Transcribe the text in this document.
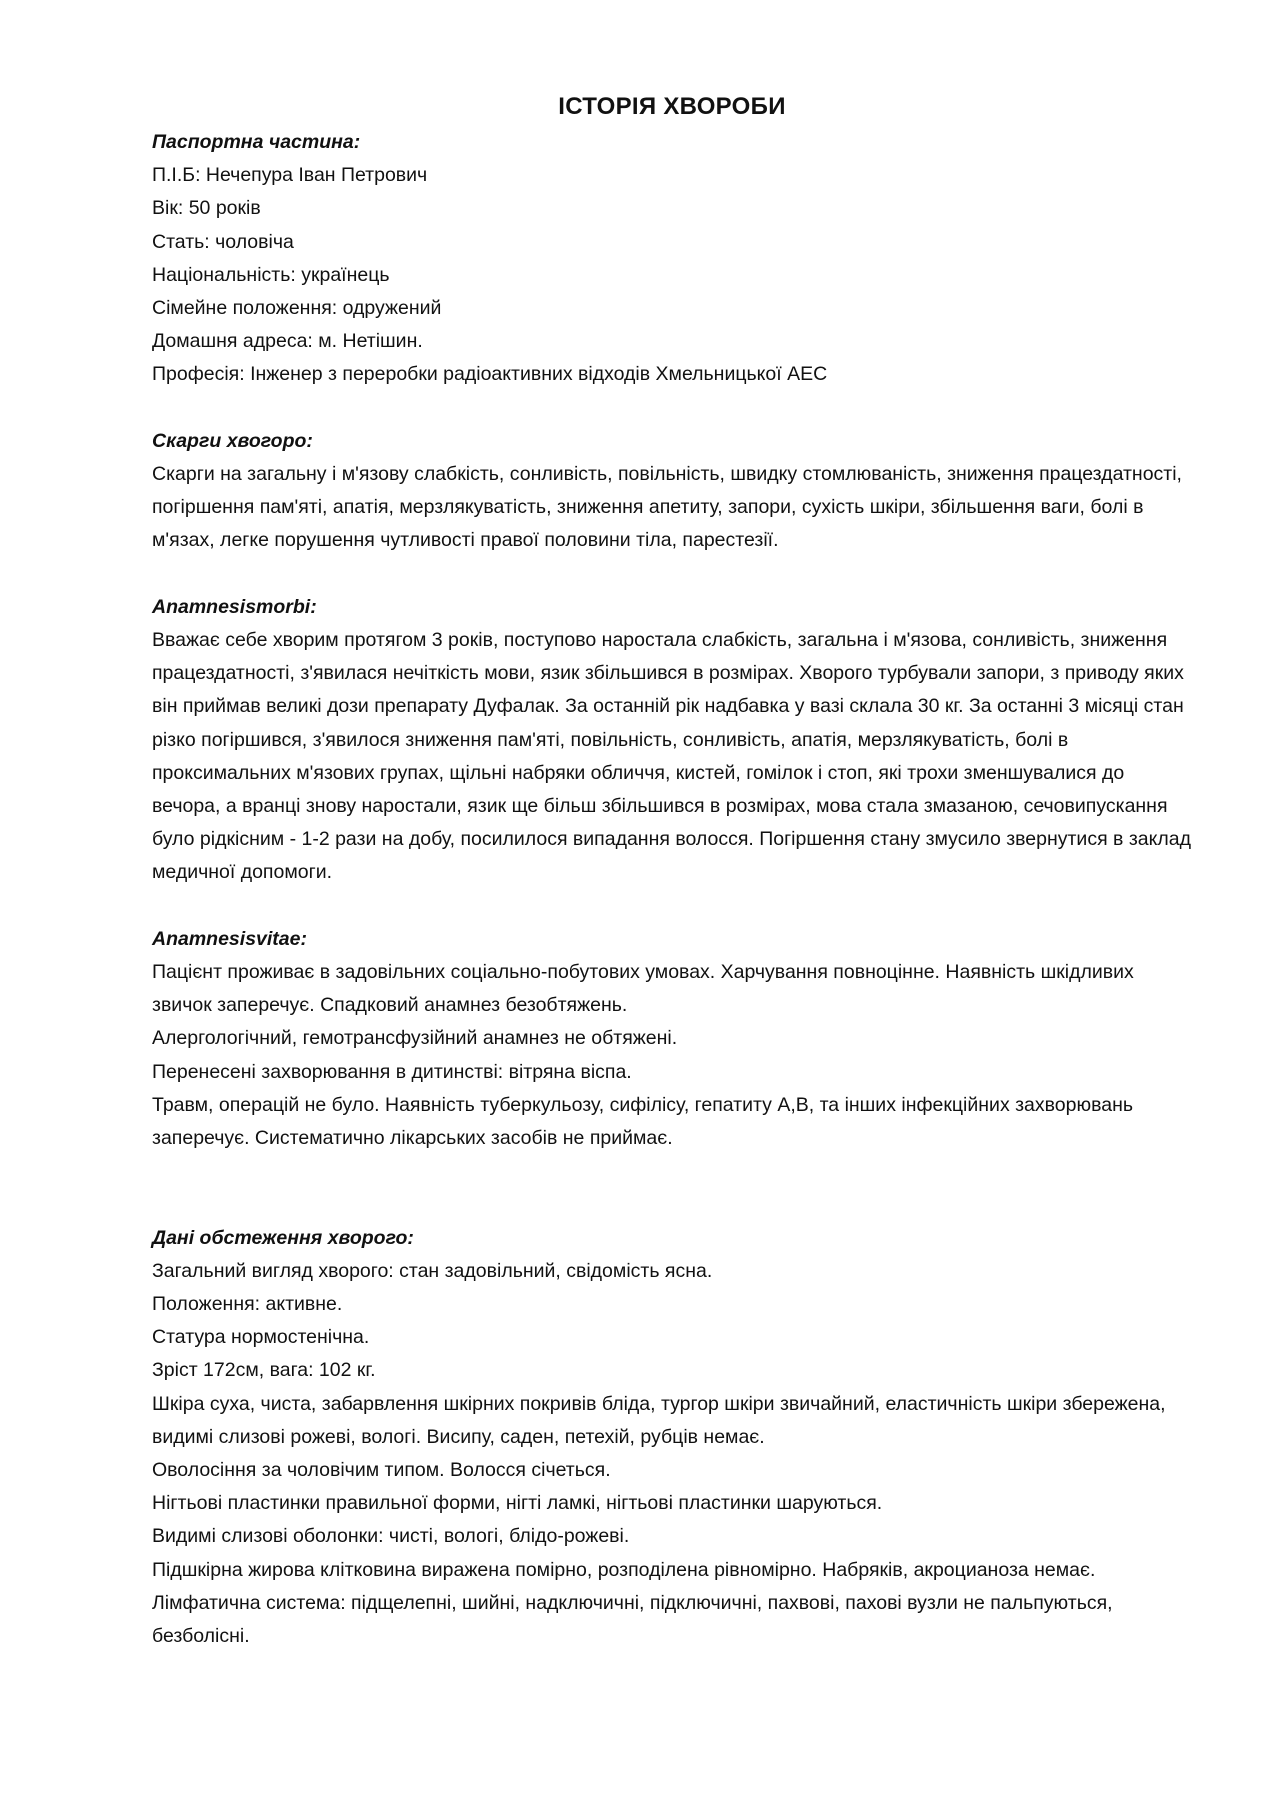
ІСТОРІЯ ХВОРОБИ

Паспортна частина:

П.І.Б: Нечепура Іван Петрович

Вік: 50 років

Стать: чоловіча

Національність: українець

Сімейне положення: одружений

Домашня адреса: м. Нетішин.

Професія: Інженер з переробки радіоактивних відходів Хмельницької АЕС

Скарги хвогоро:

Скарги на загальну і м'язову слабкість, сонливість, повільність, швидку стомлюваність, зниження працездатності, погіршення пам'яті, апатія, мерзлякуватість, зниження апетиту, запори, сухість шкіри, збільшення ваги, болі в м'язах, легке порушення чутливості правої половини тіла, парестезії.

Anamnesismorbi:

Вважає себе хворим протягом 3 років, поступово наростала слабкість, загальна і м'язова, сонливість, зниження працездатності, з'явилася нечіткість мови, язик збільшився в розмірах. Хворого турбували запори, з приводу яких він приймав великі дози препарату Дуфалак. За останній рік надбавка у вазі склала 30 кг. За останні 3 місяці стан різко погіршився, з'явилося зниження пам'яті, повільність, сонливість, апатія, мерзлякуватість, болі в проксимальних м'язових групах, щільні набряки обличчя, кистей, гомілок і стоп, які трохи зменшувалися до вечора, а вранці знову наростали, язик ще більш збільшився в розмірах, мова стала змазаною, сечовипускання було рідкісним - 1-2 рази на добу, посилилося випадання волосся. Погіршення стану змусило звернутися в заклад медичної допомоги.

Anamnesisvitae:

Пацієнт проживає в задовільних соціально-побутових умовах. Харчування повноцінне. Наявність шкідливих звичок заперечує. Спадковий анамнез безобтяжень.

Алергологічний, гемотрансфузійний анамнез не обтяжені.

Перенесені захворювання в дитинстві: вітряна віспа.

Травм, операцій не було. Наявність туберкульозу, сифілісу, гепатиту А,В, та інших інфекційних захворювань заперечує. Систематично лікарських засобів не приймає.

Дані обстеження хворого:

Загальний вигляд хворого: стан задовільний, свідомість ясна.

Положення: активне.

Статура нормостенічна.

Зріст 172см, вага: 102 кг.

Шкіра суха, чиста, забарвлення шкірних покривів бліда, тургор шкіри звичайний, еластичність шкіри збережена, видимі слизові рожеві, вологі. Висипу, саден, петехій, рубців немає.

Оволосіння за чоловічим типом. Волосся січеться.

Нігтьові пластинки правильної форми, нігті ламкі, нігтьові пластинки шаруються.

Видимі слизові оболонки: чисті, вологі, блідо-рожеві.

Підшкірна жирова клітковина виражена помірно, розподілена рівномірно. Набряків, акроцианоза немає.

Лімфатична система: підщелепні, шийні, надключичні, підключичні, пахвові, пахові вузли не пальпуються, безболісні.
